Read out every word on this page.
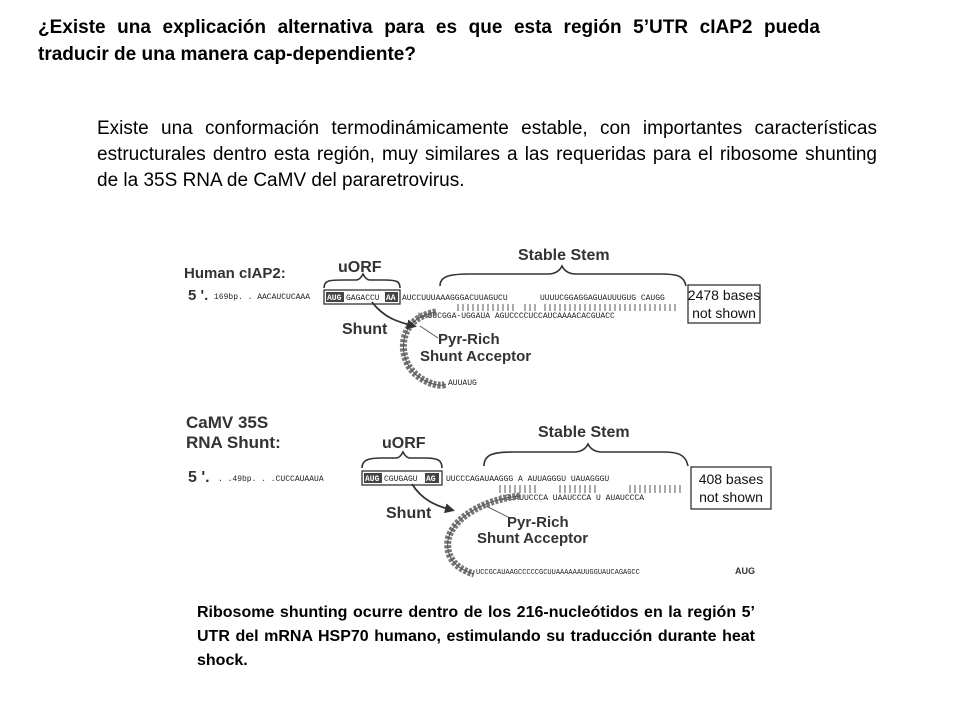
¿Existe una explicación alternativa para es que esta región 5’UTR cIAP2 pueda traducir de una manera cap-dependiente?

Existe una conformación termodinámicamente estable, con importantes características estructurales dentro esta región, muy similares a las requeridas para el ribosome shunting de la 35S RNA de CaMV del pararetrovirus.

Human cIAP2:
5 '. 169bp. . AACAUCUCAAA AUG GAGACCU AA AUCCUUUAAAGGGACUUAGUCU	UUUUCGGAGGAGUAUUUGUG CAUGG
UAUUCGGA-UGGAUA AGUCCCCUCCAUCAAAACACGUACC
AUUAUG
uORF
Stable Stem
Shunt
Pyr-Rich
Shunt Acceptor
2478 bases
not shown
CaMV 35S
RNA Shunt:
5 '. . .49bp. . .CUCCAUAAUA	AUG CGUGAGU AG UUCCCAGAUAAGGG A AUUAGGGU UAUAGGGU
UGUAUUCCCA UAAUCCCA U AUAUCCCA
UCCGCAUAAGCCCCCGCUUAAAAAAUUGGUAUCAGAGCC	AUG
uORF
Stable Stem
Shunt
Pyr-Rich
Shunt Acceptor
408 bases
not shown

Ribosome shunting ocurre dentro de los 216-nucleótidos en la región 5’ UTR del mRNA HSP70 humano, estimulando su traducción durante heat shock.
